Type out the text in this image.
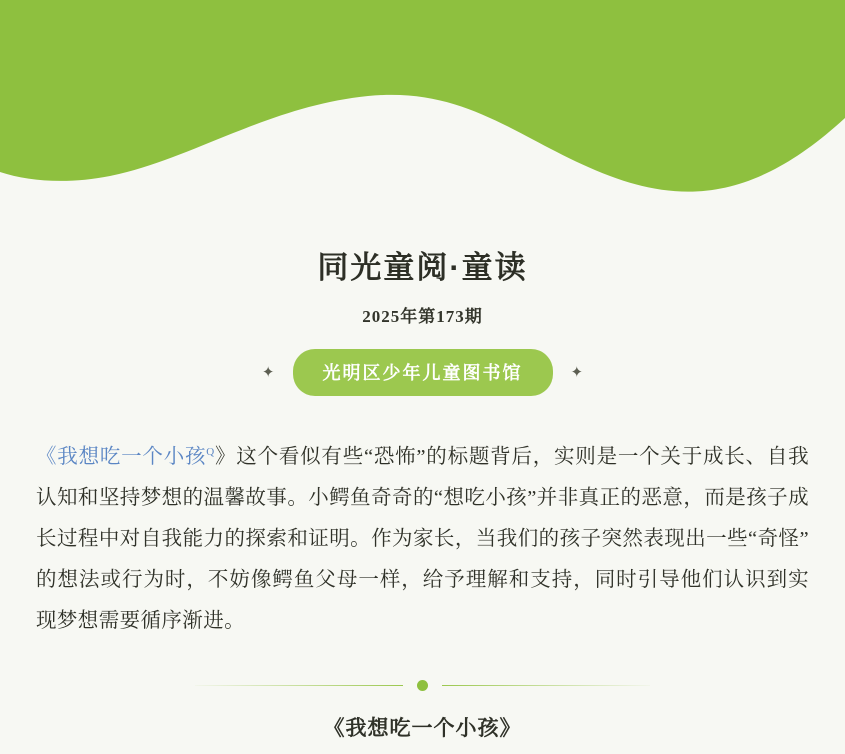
同光童阅·童读
2025年第173期
✦	光明区少年儿童图书馆	✦

《我想吃一个小孩$^Q$》这个看似有些“恐怖”的标题背后，实则是一个关于成长、自我认知和坚持梦想的温馨故事。小鳄鱼奇奇的“想吃小孩”并非真正的恶意，而是孩子成长过程中对自我能力的探索和证明。作为家长，当我们的孩子突然表现出一些“奇怪”的想法或行为时，不妨像鳄鱼父母一样，给予理解和支持，同时引导他们认识到实现梦想需要循序渐进。

《我想吃一个小孩》
